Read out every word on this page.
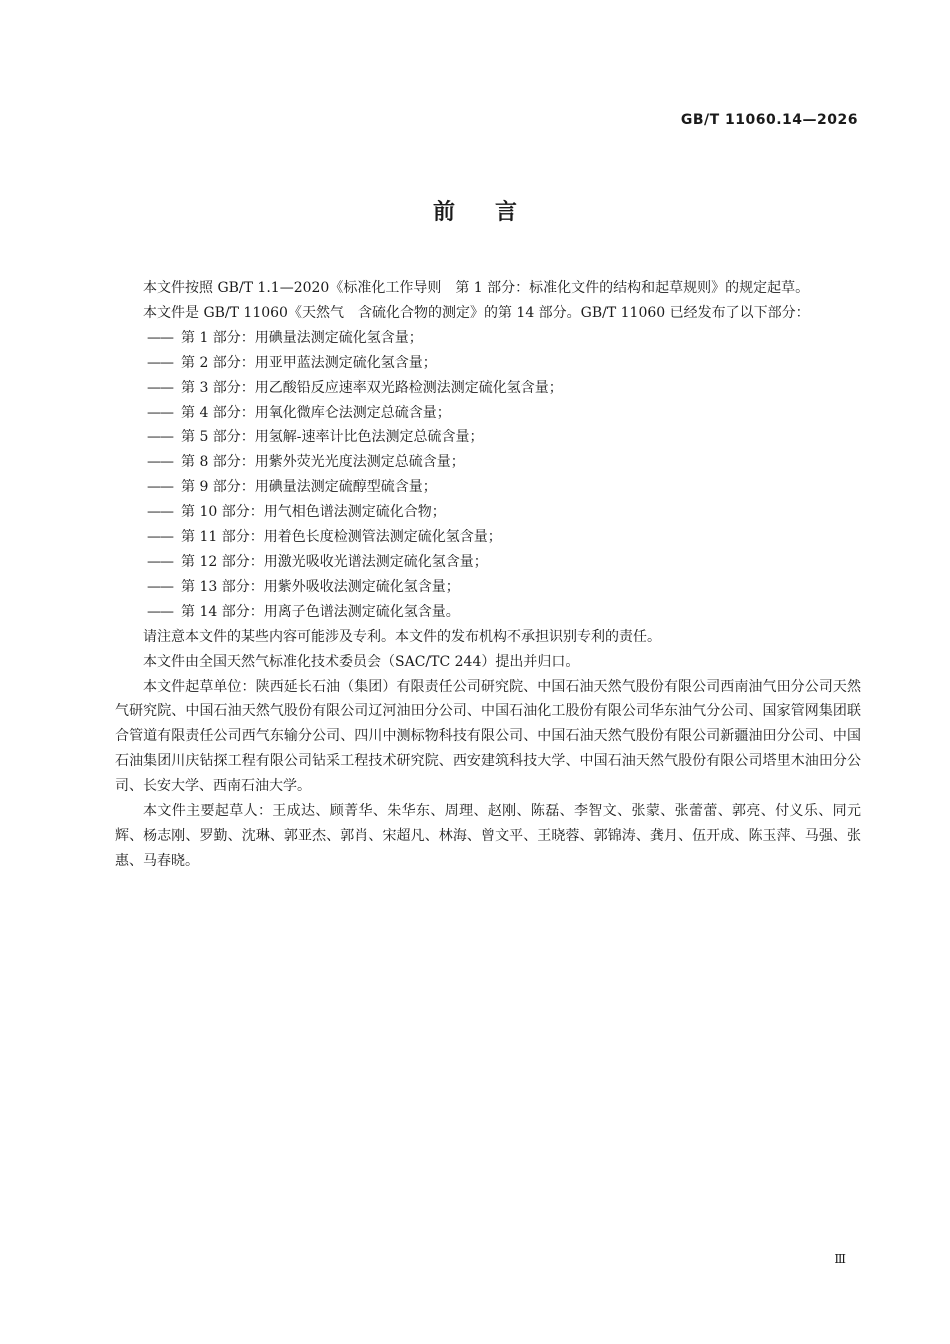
GB/T 11060.14—2026
前言

本文件按照 GB/T 1.1—2020《标准化工作导则　第 1 部分：标准化文件的结构和起草规则》的规定起草。

本文件是 GB/T 11060《天然气　含硫化合物的测定》的第 14 部分。GB/T 11060 已经发布了以下部分：

—— 第 1 部分：用碘量法测定硫化氢含量；

—— 第 2 部分：用亚甲蓝法测定硫化氢含量；

—— 第 3 部分：用乙酸铅反应速率双光路检测法测定硫化氢含量；

—— 第 4 部分：用氧化微库仑法测定总硫含量；

—— 第 5 部分：用氢解-速率计比色法测定总硫含量；

—— 第 8 部分：用紫外荧光光度法测定总硫含量；

—— 第 9 部分：用碘量法测定硫醇型硫含量；

—— 第 10 部分：用气相色谱法测定硫化合物；

—— 第 11 部分：用着色长度检测管法测定硫化氢含量；

—— 第 12 部分：用激光吸收光谱法测定硫化氢含量；

—— 第 13 部分：用紫外吸收法测定硫化氢含量；

—— 第 14 部分：用离子色谱法测定硫化氢含量。

请注意本文件的某些内容可能涉及专利。本文件的发布机构不承担识别专利的责任。

本文件由全国天然气标准化技术委员会（SAC/TC 244）提出并归口。

本文件起草单位：陕西延长石油（集团）有限责任公司研究院、中国石油天然气股份有限公司西南油气田分公司天然气研究院、中国石油天然气股份有限公司辽河油田分公司、中国石油化工股份有限公司华东油气分公司、国家管网集团联合管道有限责任公司西气东输分公司、四川中测标物科技有限公司、中国石油天然气股份有限公司新疆油田分公司、中国石油集团川庆钻探工程有限公司钻采工程技术研究院、西安建筑科技大学、中国石油天然气股份有限公司塔里木油田分公司、长安大学、西南石油大学。

本文件主要起草人：王成达、顾菁华、朱华东、周理、赵刚、陈磊、李智文、张蒙、张蕾蕾、郭亮、付义乐、同元辉、杨志刚、罗勤、沈琳、郭亚杰、郭肖、宋超凡、林海、曾文平、王晓蓉、郭锦涛、龚月、伍开成、陈玉萍、马强、张惠、马春晓。

Ⅲ
